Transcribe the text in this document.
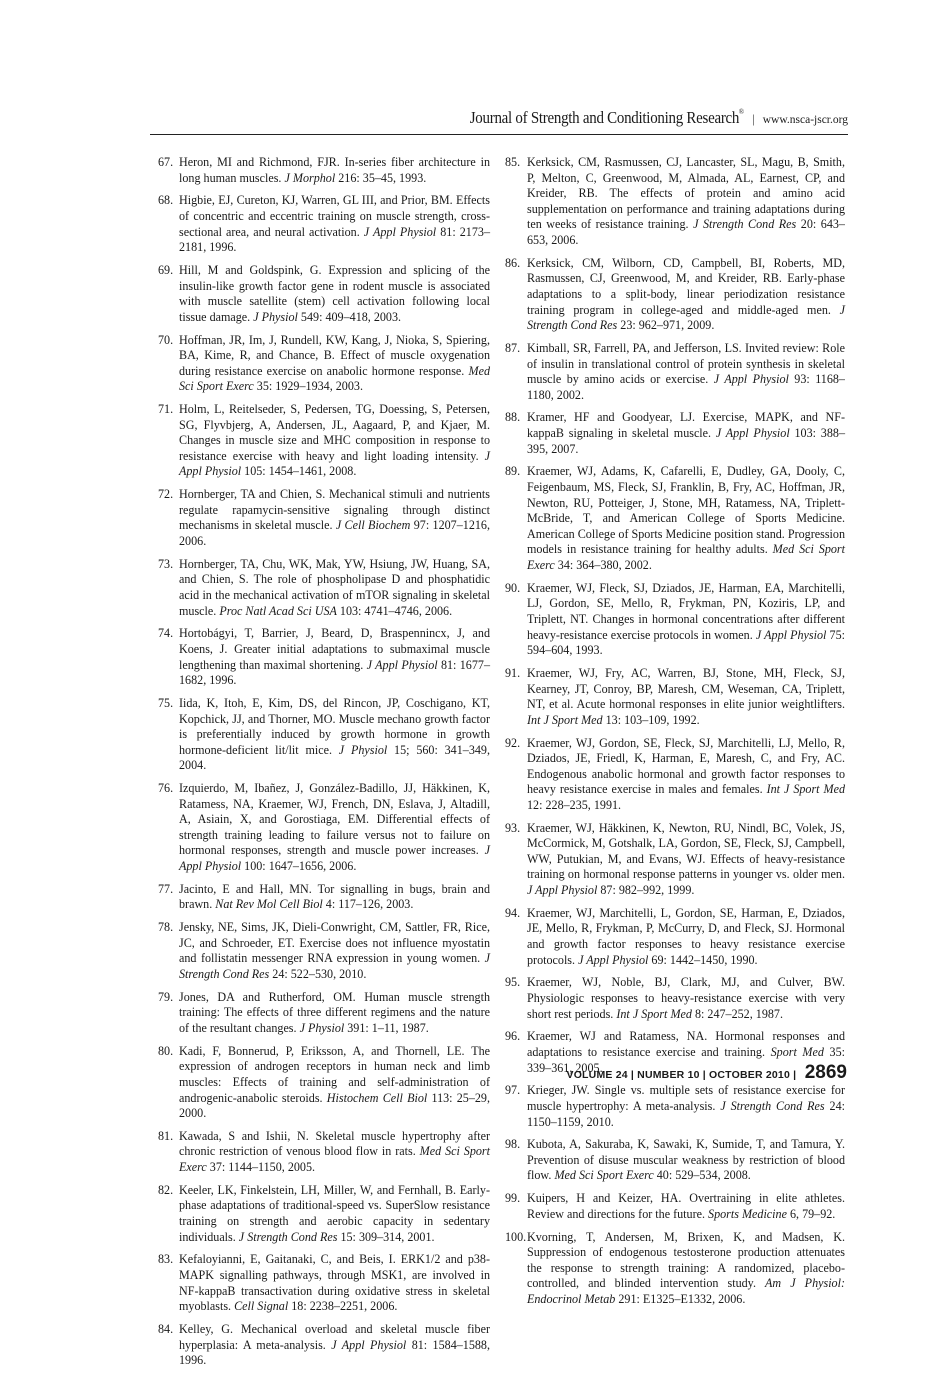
Journal of Strength and Conditioning Research® | www.nsca-jscr.org
67. Heron, MI and Richmond, FJR. In-series fiber architecture in long human muscles. J Morphol 216: 35–45, 1993.
68. Higbie, EJ, Cureton, KJ, Warren, GL III, and Prior, BM. Effects of concentric and eccentric training on muscle strength, cross-sectional area, and neural activation. J Appl Physiol 81: 2173–2181, 1996.
69. Hill, M and Goldspink, G. Expression and splicing of the insulin-like growth factor gene in rodent muscle is associated with muscle satellite (stem) cell activation following local tissue damage. J Physiol 549: 409–418, 2003.
70. Hoffman, JR, Im, J, Rundell, KW, Kang, J, Nioka, S, Spiering, BA, Kime, R, and Chance, B. Effect of muscle oxygenation during resistance exercise on anabolic hormone response. Med Sci Sport Exerc 35: 1929–1934, 2003.
71. Holm, L, Reitelseder, S, Pedersen, TG, Doessing, S, Petersen, SG, Flyvbjerg, A, Andersen, JL, Aagaard, P, and Kjaer, M. Changes in muscle size and MHC composition in response to resistance exercise with heavy and light loading intensity. J Appl Physiol 105: 1454–1461, 2008.
72. Hornberger, TA and Chien, S. Mechanical stimuli and nutrients regulate rapamycin-sensitive signaling through distinct mechanisms in skeletal muscle. J Cell Biochem 97: 1207–1216, 2006.
73. Hornberger, TA, Chu, WK, Mak, YW, Hsiung, JW, Huang, SA, and Chien, S. The role of phospholipase D and phosphatidic acid in the mechanical activation of mTOR signaling in skeletal muscle. Proc Natl Acad Sci USA 103: 4741–4746, 2006.
74. Hortobágyi, T, Barrier, J, Beard, D, Braspennincx, J, and Koens, J. Greater initial adaptations to submaximal muscle lengthening than maximal shortening. J Appl Physiol 81: 1677–1682, 1996.
75. Iida, K, Itoh, E, Kim, DS, del Rincon, JP, Coschigano, KT, Kopchick, JJ, and Thorner, MO. Muscle mechano growth factor is preferentially induced by growth hormone in growth hormone-deficient lit/lit mice. J Physiol 15; 560: 341–349, 2004.
76. Izquierdo, M, Ibañez, J, González-Badillo, JJ, Häkkinen, K, Ratamess, NA, Kraemer, WJ, French, DN, Eslava, J, Altadill, A, Asiain, X, and Gorostiaga, EM. Differential effects of strength training leading to failure versus not to failure on hormonal responses, strength and muscle power increases. J Appl Physiol 100: 1647–1656, 2006.
77. Jacinto, E and Hall, MN. Tor signalling in bugs, brain and brawn. Nat Rev Mol Cell Biol 4: 117–126, 2003.
78. Jensky, NE, Sims, JK, Dieli-Conwright, CM, Sattler, FR, Rice, JC, and Schroeder, ET. Exercise does not influence myostatin and follistatin messenger RNA expression in young women. J Strength Cond Res 24: 522–530, 2010.
79. Jones, DA and Rutherford, OM. Human muscle strength training: The effects of three different regimens and the nature of the resultant changes. J Physiol 391: 1–11, 1987.
80. Kadi, F, Bonnerud, P, Eriksson, A, and Thornell, LE. The expression of androgen receptors in human neck and limb muscles: Effects of training and self-administration of androgenic-anabolic steroids. Histochem Cell Biol 113: 25–29, 2000.
81. Kawada, S and Ishii, N. Skeletal muscle hypertrophy after chronic restriction of venous blood flow in rats. Med Sci Sport Exerc 37: 1144–1150, 2005.
82. Keeler, LK, Finkelstein, LH, Miller, W, and Fernhall, B. Early-phase adaptations of traditional-speed vs. SuperSlow resistance training on strength and aerobic capacity in sedentary individuals. J Strength Cond Res 15: 309–314, 2001.
83. Kefaloyianni, E, Gaitanaki, C, and Beis, I. ERK1/2 and p38-MAPK signalling pathways, through MSK1, are involved in NF-kappaB transactivation during oxidative stress in skeletal myoblasts. Cell Signal 18: 2238–2251, 2006.
84. Kelley, G. Mechanical overload and skeletal muscle fiber hyperplasia: A meta-analysis. J Appl Physiol 81: 1584–1588, 1996.
85. Kerksick, CM, Rasmussen, CJ, Lancaster, SL, Magu, B, Smith, P, Melton, C, Greenwood, M, Almada, AL, Earnest, CP, and Kreider, RB. The effects of protein and amino acid supplementation on performance and training adaptations during ten weeks of resistance training. J Strength Cond Res 20: 643–653, 2006.
86. Kerksick, CM, Wilborn, CD, Campbell, BI, Roberts, MD, Rasmussen, CJ, Greenwood, M, and Kreider, RB. Early-phase adaptations to a split-body, linear periodization resistance training program in college-aged and middle-aged men. J Strength Cond Res 23: 962–971, 2009.
87. Kimball, SR, Farrell, PA, and Jefferson, LS. Invited review: Role of insulin in translational control of protein synthesis in skeletal muscle by amino acids or exercise. J Appl Physiol 93: 1168–1180, 2002.
88. Kramer, HF and Goodyear, LJ. Exercise, MAPK, and NF-kappaB signaling in skeletal muscle. J Appl Physiol 103: 388–395, 2007.
89. Kraemer, WJ, Adams, K, Cafarelli, E, Dudley, GA, Dooly, C, Feigenbaum, MS, Fleck, SJ, Franklin, B, Fry, AC, Hoffman, JR, Newton, RU, Potteiger, J, Stone, MH, Ratamess, NA, Triplett-McBride, T, and American College of Sports Medicine. American College of Sports Medicine position stand. Progression models in resistance training for healthy adults. Med Sci Sport Exerc 34: 364–380, 2002.
90. Kraemer, WJ, Fleck, SJ, Dziados, JE, Harman, EA, Marchitelli, LJ, Gordon, SE, Mello, R, Frykman, PN, Koziris, LP, and Triplett, NT. Changes in hormonal concentrations after different heavy-resistance exercise protocols in women. J Appl Physiol 75: 594–604, 1993.
91. Kraemer, WJ, Fry, AC, Warren, BJ, Stone, MH, Fleck, SJ, Kearney, JT, Conroy, BP, Maresh, CM, Weseman, CA, Triplett, NT, et al. Acute hormonal responses in elite junior weightlifters. Int J Sport Med 13: 103–109, 1992.
92. Kraemer, WJ, Gordon, SE, Fleck, SJ, Marchitelli, LJ, Mello, R, Dziados, JE, Friedl, K, Harman, E, Maresh, C, and Fry, AC. Endogenous anabolic hormonal and growth factor responses to heavy resistance exercise in males and females. Int J Sport Med 12: 228–235, 1991.
93. Kraemer, WJ, Häkkinen, K, Newton, RU, Nindl, BC, Volek, JS, McCormick, M, Gotshalk, LA, Gordon, SE, Fleck, SJ, Campbell, WW, Putukian, M, and Evans, WJ. Effects of heavy-resistance training on hormonal response patterns in younger vs. older men. J Appl Physiol 87: 982–992, 1999.
94. Kraemer, WJ, Marchitelli, L, Gordon, SE, Harman, E, Dziados, JE, Mello, R, Frykman, P, McCurry, D, and Fleck, SJ. Hormonal and growth factor responses to heavy resistance exercise protocols. J Appl Physiol 69: 1442–1450, 1990.
95. Kraemer, WJ, Noble, BJ, Clark, MJ, and Culver, BW. Physiologic responses to heavy-resistance exercise with very short rest periods. Int J Sport Med 8: 247–252, 1987.
96. Kraemer, WJ and Ratamess, NA. Hormonal responses and adaptations to resistance exercise and training. Sport Med 35: 339–361, 2005.
97. Krieger, JW. Single vs. multiple sets of resistance exercise for muscle hypertrophy: A meta-analysis. J Strength Cond Res 24: 1150–1159, 2010.
98. Kubota, A, Sakuraba, K, Sawaki, K, Sumide, T, and Tamura, Y. Prevention of disuse muscular weakness by restriction of blood flow. Med Sci Sport Exerc 40: 529–534, 2008.
99. Kuipers, H and Keizer, HA. Overtraining in elite athletes. Review and directions for the future. Sports Medicine 6, 79–92.
100. Kvorning, T, Andersen, M, Brixen, K, and Madsen, K. Suppression of endogenous testosterone production attenuates the response to strength training: A randomized, placebo-controlled, and blinded intervention study. Am J Physiol: Endocrinol Metab 291: E1325–E1332, 2006.
VOLUME 24 | NUMBER 10 | OCTOBER 2010 | 2869
